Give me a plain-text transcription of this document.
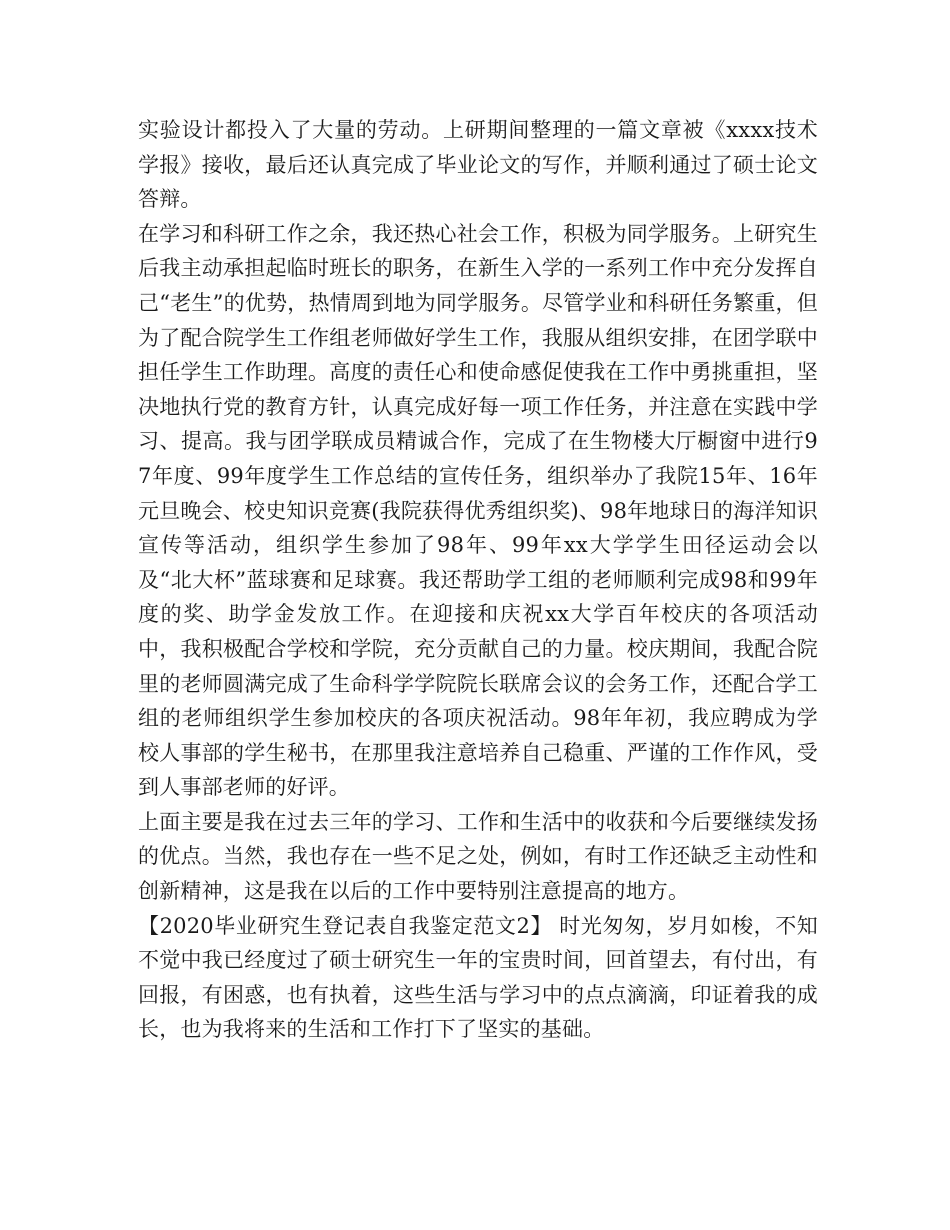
实验设计都投入了大量的劳动。上研期间整理的一篇文章被《xxxx技术学报》接收，最后还认真完成了毕业论文的写作，并顺利通过了硕士论文答辩。

在学习和科研工作之余，我还热心社会工作，积极为同学服务。上研究生后我主动承担起临时班长的职务，在新生入学的一系列工作中充分发挥自己“老生”的优势，热情周到地为同学服务。尽管学业和科研任务繁重，但为了配合院学生工作组老师做好学生工作，我服从组织安排，在团学联中担任学生工作助理。高度的责任心和使命感促使我在工作中勇挑重担，坚决地执行党的教育方针，认真完成好每一项工作任务，并注意在实践中学习、提高。我与团学联成员精诚合作，完成了在生物楼大厅橱窗中进行97年度、99年度学生工作总结的宣传任务，组织举办了我院15年、16年元旦晚会、校史知识竞赛(我院获得优秀组织奖)、98年地球日的海洋知识宣传等活动，组织学生参加了98年、99年xx大学学生田径运动会以及“北大杯”蓝球赛和足球赛。我还帮助学工组的老师顺利完成98和99年度的奖、助学金发放工作。在迎接和庆祝xx大学百年校庆的各项活动中，我积极配合学校和学院，充分贡献自己的力量。校庆期间，我配合院里的老师圆满完成了生命科学学院院长联席会议的会务工作，还配合学工组的老师组织学生参加校庆的各项庆祝活动。98年年初，我应聘成为学校人事部的学生秘书，在那里我注意培养自己稳重、严谨的工作作风，受到人事部老师的好评。

上面主要是我在过去三年的学习、工作和生活中的收获和今后要继续发扬的优点。当然，我也存在一些不足之处，例如，有时工作还缺乏主动性和创新精神，这是我在以后的工作中要特别注意提高的地方。

【2020毕业研究生登记表自我鉴定范文2】 时光匆匆，岁月如梭，不知不觉中我已经度过了硕士研究生一年的宝贵时间，回首望去，有付出，有回报，有困惑，也有执着，这些生活与学习中的点点滴滴，印证着我的成长，也为我将来的生活和工作打下了坚实的基础。
